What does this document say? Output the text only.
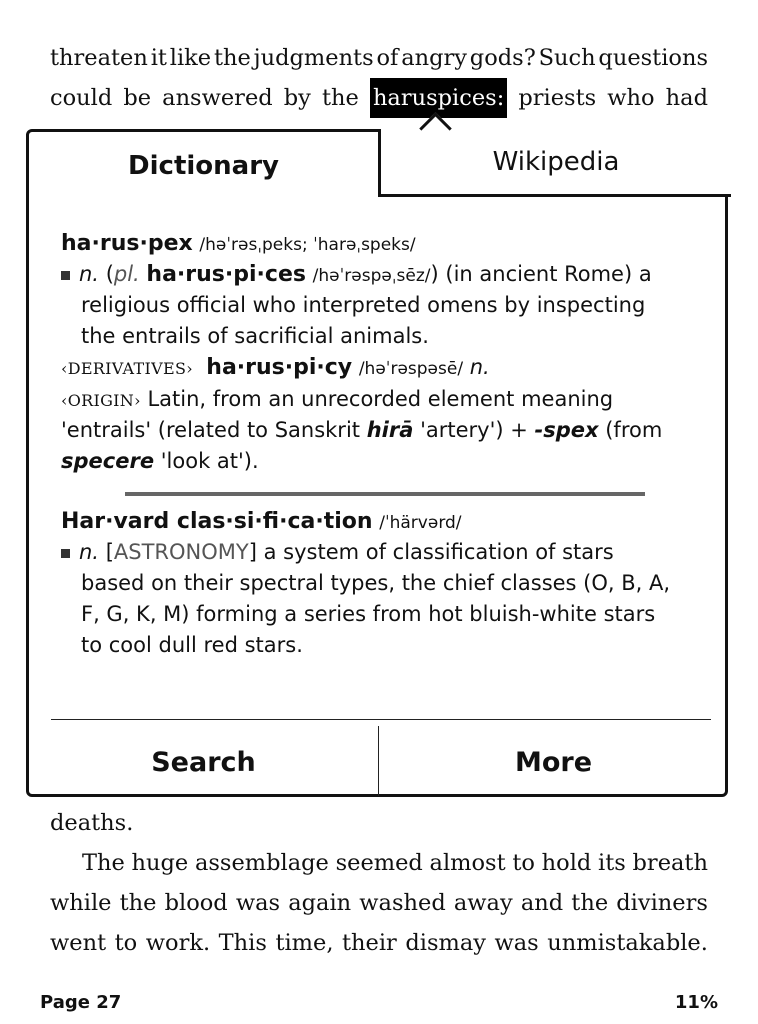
threaten it like the judgments of angry gods? Such questions
could be answered by the haruspices: priests who had
Dictionary	Wikipedia
ha·rus·pex /həˈrəsˌpeks; ˈharəˌspeks/
n. (pl. ha·rus·pi·ces /həˈrəspəˌsēz/) (in ancient Rome) a
religious official who interpreted omens by inspecting
the entrails of sacrificial animals.
‹DERIVATIVES› ha·rus·pi·cy /həˈrəspəsē/ n.
‹ORIGIN› Latin, from an unrecorded element meaning
'entrails' (related to Sanskrit hirā 'artery') + -spex (from
specere 'look at').
Har·vard clas·si·fi·ca·tion /ˈhärvərd/
n. [ASTRONOMY] a system of classification of stars
based on their spectral types, the chief classes (O, B, A,
F, G, K, M) forming a series from hot bluish-white stars
to cool dull red stars.
Search	More
deaths.
The huge assemblage seemed almost to hold its breath
while the blood was again washed away and the diviners
went to work. This time, their dismay was unmistakable.
Page 27	11%
